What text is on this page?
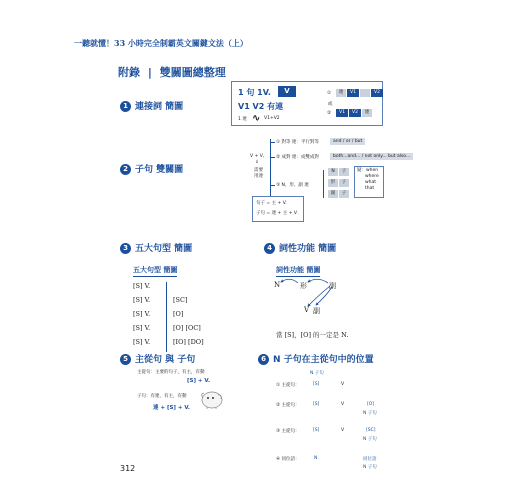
一聽就懂！33 小時完全制霸英文關鍵文法（上）
附錄 | 雙關圖總整理
1 連接詞 簡圖
1 句 1V.	V
V1 V2 有連
1 連 ∿ V1+V2
①
或
②
連	V1	V2
V1	V2	連
2 子句 雙關圖
V + V,
⇓
需要
用連
① 對等 連：平行對等	and / or / but
② 成對 連：成雙成對	both...and... / not only... but also...
③ N、形、副 連
N	子
形	子
副	子
疑：when
where
what
that
句子 = 主 + V.
子句 = 連 + 主 + V.
3 五大句型 簡圖
五大句型 簡圖
[S] V.
[S] V.	[SC]
[S] V.	[O]
[S] V.	[O] [OC]
[S] V.	[IO] [DO]
4 詞性功能 簡圖
詞性功能 簡圖
N	形	副
V 副
當 [S]，[O] 的一定是 N.
5 主從句 與 子句
主從句：主要的句子，有主，有動
[S] + V.
子句：有連，有主，有動
連 + [S] + V.
6 N 子句在主從句中的位置
N 子句
① 主從句：	[S]	V
② 主從句：	[S]	V	[O]
N 子句
③ 主從句：	[S]	V	[SC]
N 子句
④ 同位語：	N	同位語
N 子句
312
